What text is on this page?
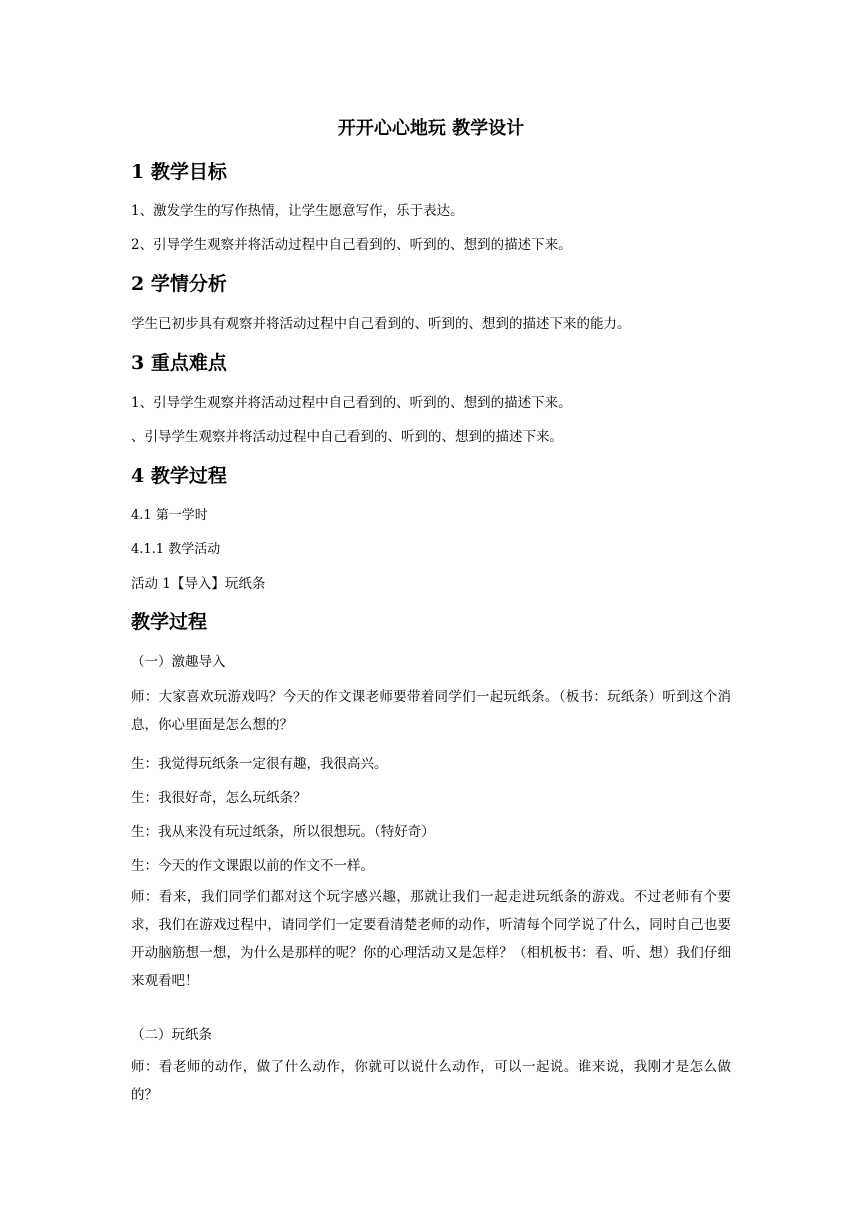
开开心心地玩 教学设计
1 教学目标
1、激发学生的写作热情，让学生愿意写作，乐于表达。
2、引导学生观察并将活动过程中自己看到的、听到的、想到的描述下来。
2 学情分析
学生已初步具有观察并将活动过程中自己看到的、听到的、想到的描述下来的能力。
3 重点难点
1、引导学生观察并将活动过程中自己看到的、听到的、想到的描述下来。
、引导学生观察并将活动过程中自己看到的、听到的、想到的描述下来。
4 教学过程
4.1 第一学时
4.1.1 教学活动
活动 1【导入】玩纸条
教学过程
（一）激趣导入
师：大家喜欢玩游戏吗？今天的作文课老师要带着同学们一起玩纸条。（板书：玩纸条）听到这个消息，你心里面是怎么想的？
生：我觉得玩纸条一定很有趣，我很高兴。
生：我很好奇，怎么玩纸条？
生：我从来没有玩过纸条，所以很想玩。（特好奇）
生：今天的作文课跟以前的作文不一样。
师：看来，我们同学们都对这个玩字感兴趣，那就让我们一起走进玩纸条的游戏。不过老师有个要求，我们在游戏过程中，请同学们一定要看清楚老师的动作，听清每个同学说了什么，同时自己也要开动脑筋想一想，为什么是那样的呢？你的心理活动又是怎样？（相机板书：看、听、想）我们仔细来观看吧！
（二）玩纸条
师：看老师的动作，做了什么动作，你就可以说什么动作，可以一起说。谁来说，我刚才是怎么做的？
